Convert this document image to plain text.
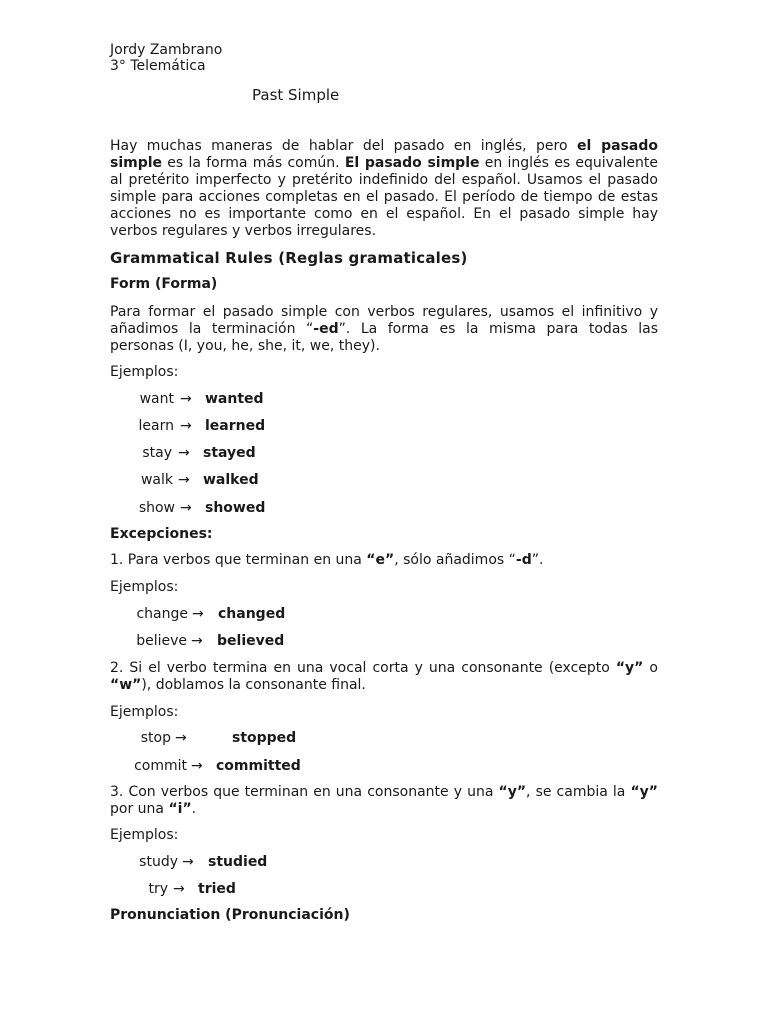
Jordy Zambrano
3° Telemática
Past Simple
Hay muchas maneras de hablar del pasado en inglés, pero el pasado simple es la forma más común. El pasado simple en inglés es equivalente al pretérito imperfecto y pretérito indefinido del español. Usamos el pasado simple para acciones completas en el pasado. El período de tiempo de estas acciones no es importante como en el español. En el pasado simple hay verbos regulares y verbos irregulares.
Grammatical Rules (Reglas gramaticales)
Form (Forma)
Para formar el pasado simple con verbos regulares, usamos el infinitivo y añadimos la terminación “-ed”. La forma es la misma para todas las personas (I, you, he, she, it, we, they).
Ejemplos:
want → wanted
learn → learned
stay → stayed
walk → walked
show → showed
Excepciones:
1. Para verbos que terminan en una “e”, sólo añadimos “-d”.
Ejemplos:
change → changed
believe → believed
2. Si el verbo termina en una vocal corta y una consonante (excepto “y” o “w”), doblamos la consonante final.
Ejemplos:
stop →	stopped
commit → committed
3. Con verbos que terminan en una consonante y una “y”, se cambia la “y” por una “i”.
Ejemplos:
study → studied
try → tried
Pronunciation (Pronunciación)
